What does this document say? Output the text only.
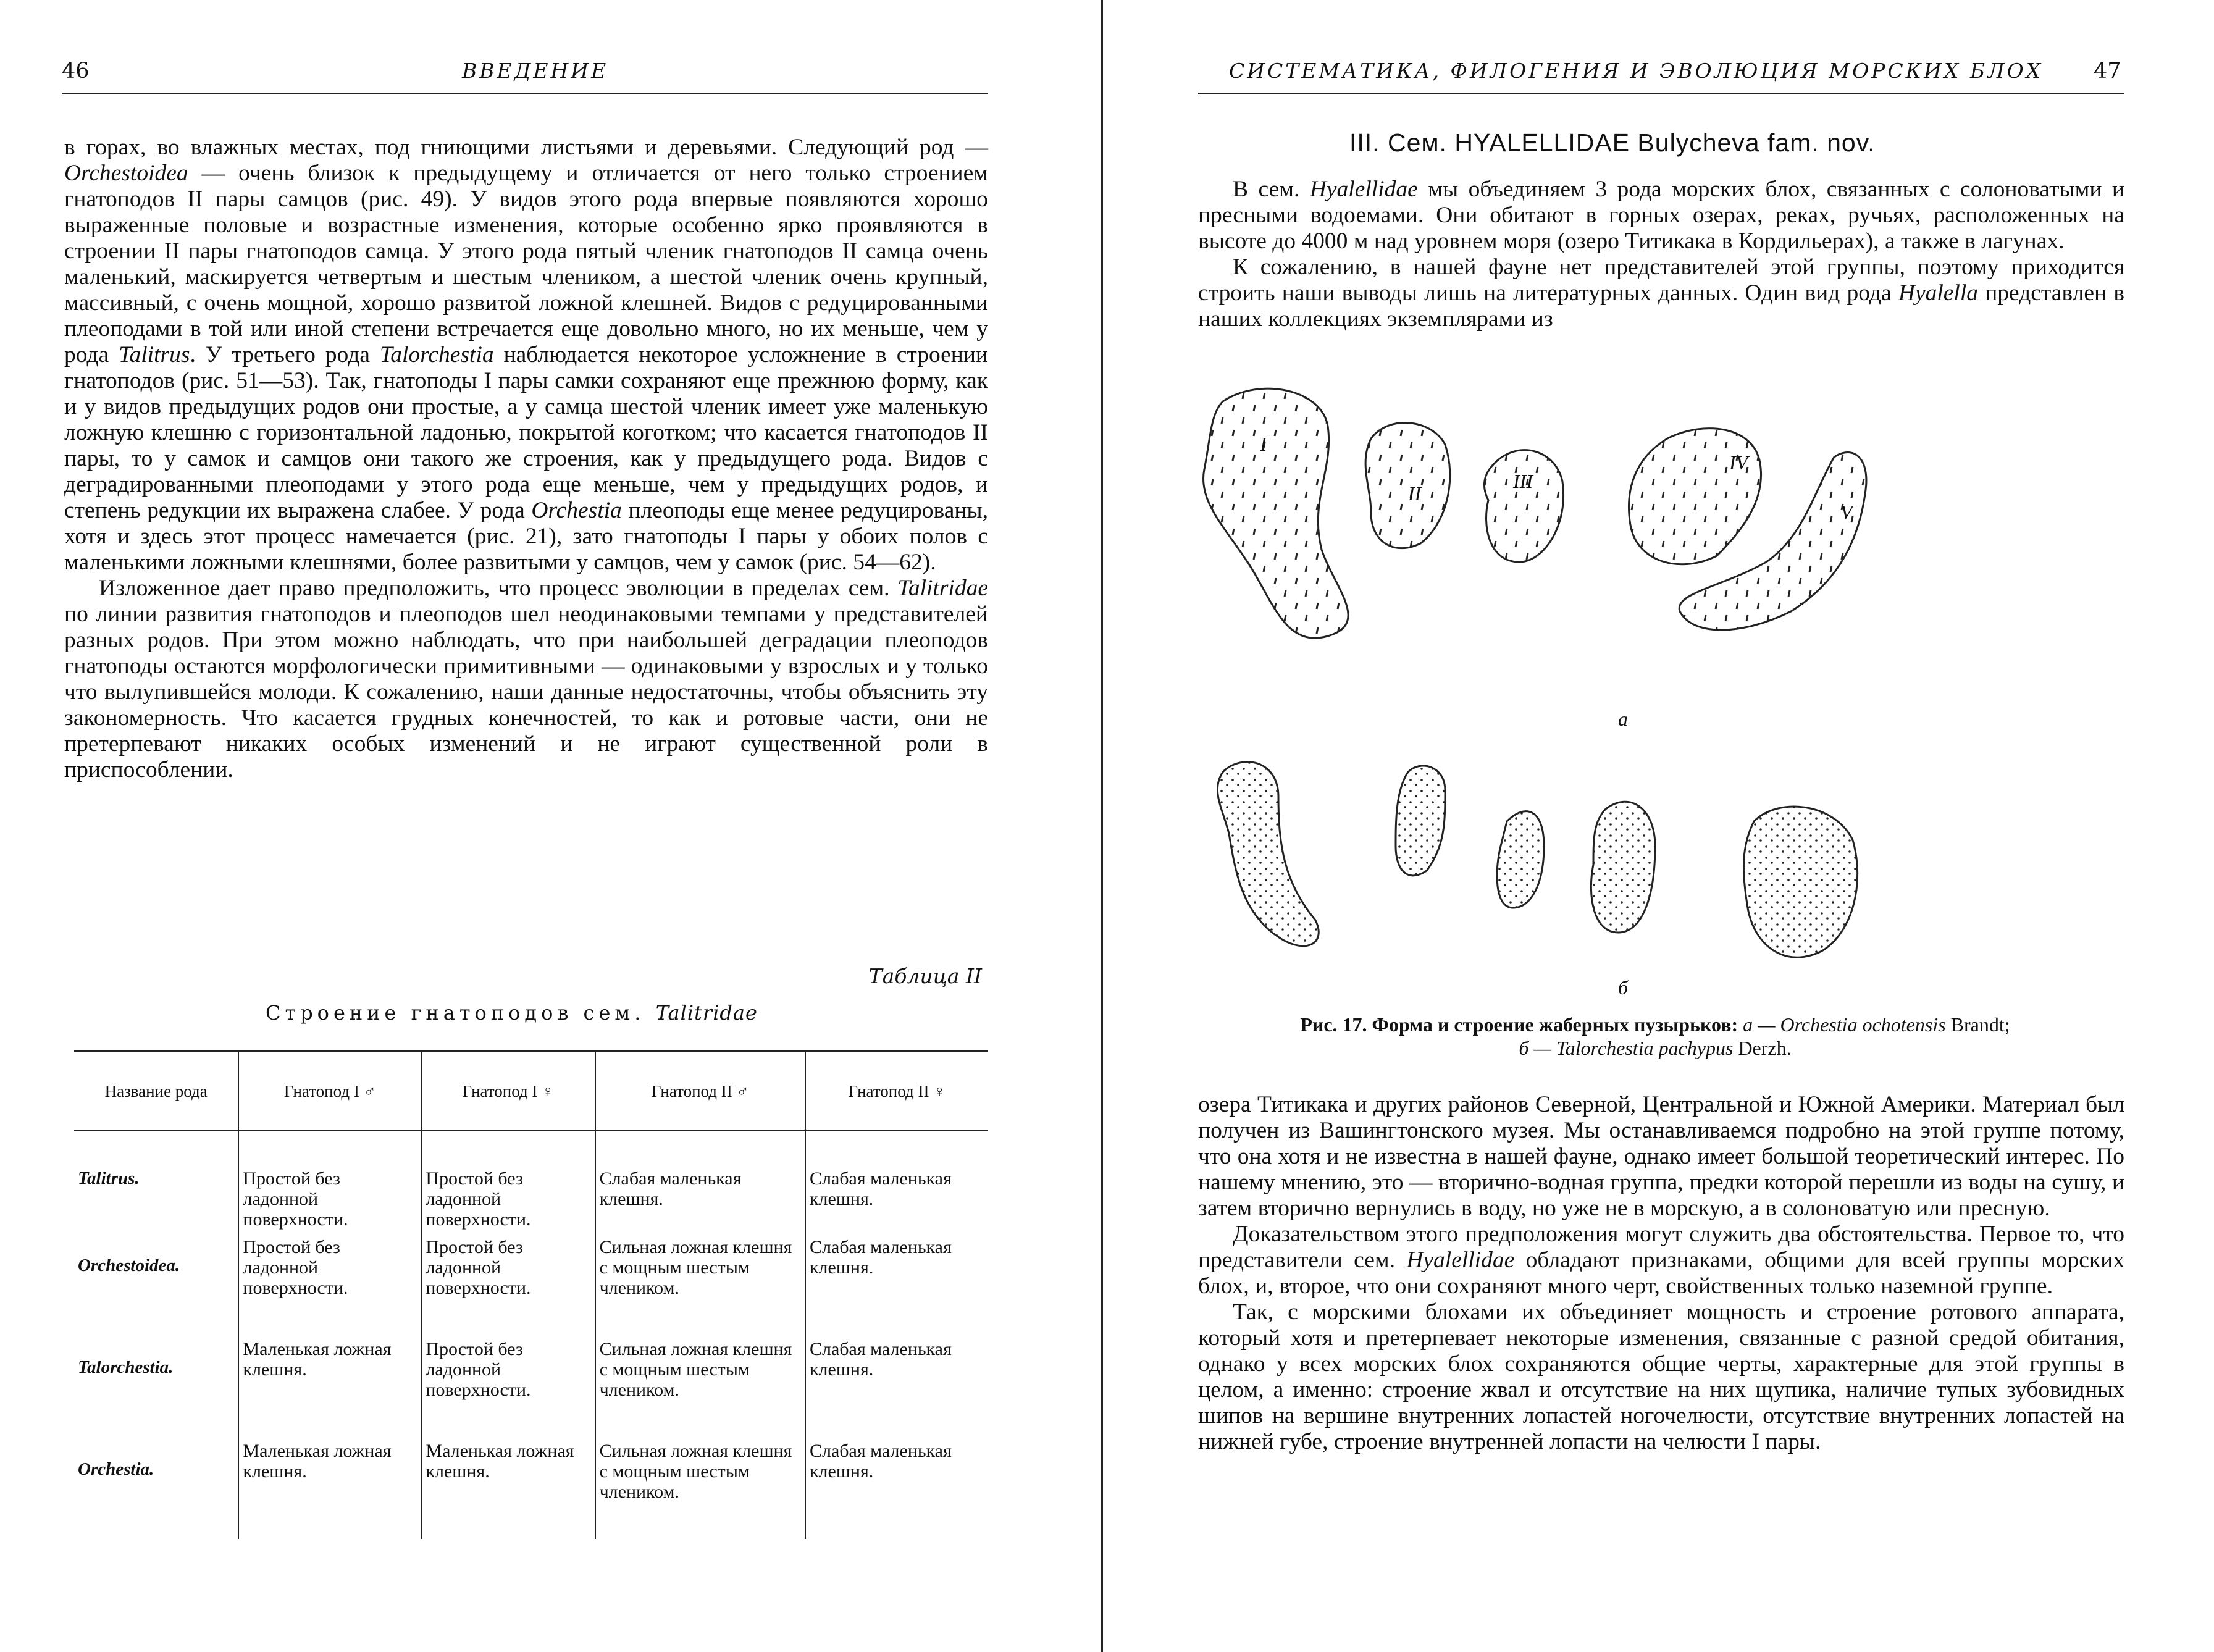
46	ВВЕДЕНИЕ

в горах, во влажных местах, под гниющими листьями и деревьями. Следующий род — Orchestoidea — очень близок к предыдущему и отличается от него только строением гнатоподов II пары самцов (рис. 49). У видов этого рода впервые появляются хорошо выраженные половые и возрастные изменения, которые особенно ярко проявляются в строении II пары гнатоподов самца. У этого рода пятый членик гнатоподов II самца очень маленький, маскируется четвертым и шестым члеником, а шестой членик очень крупный, массивный, с очень мощной, хорошо развитой ложной клешней. Видов с редуцированными плеоподами в той или иной степени встречается еще довольно много, но их меньше, чем у рода Talitrus. У третьего рода Talorchestia наблюдается некоторое усложнение в строении гнатоподов (рис. 51—53). Так, гнатоподы I пары самки сохраняют еще прежнюю форму, как и у видов предыдущих родов они простые, а у самца шестой членик имеет уже маленькую ложную клешню с горизонтальной ладонью, покрытой коготком; что касается гнатоподов II пары, то у самок и самцов они такого же строения, как у предыдущего рода. Видов с деградированными плеоподами у этого рода еще меньше, чем у предыдущих родов, и степень редукции их выражена слабее. У рода Orchestia плеоподы еще менее редуцированы, хотя и здесь этот процесс намечается (рис. 21), зато гнатоподы I пары у обоих полов с маленькими ложными клешнями, более развитыми у самцов, чем у самок (рис. 54—62).

Изложенное дает право предположить, что процесс эволюции в пределах сем. Talitridae по линии развития гнатоподов и плеоподов шел неодинаковыми темпами у представителей разных родов. При этом можно наблюдать, что при наибольшей деградации плеоподов гнатоподы остаются морфологически примитивными — одинаковыми у взрослых и у только что вылупившейся молоди. К сожалению, наши данные недостаточны, чтобы объяснить эту закономерность. Что касается грудных конечностей, то как и ротовые части, они не претерпевают никаких особых изменений и не играют существенной роли в приспособлении.

Таблица II
Строение гнатоподов сем. Talitridae
Название рода	Гнатопод I ♂	Гнатопод I ♀	Гнатопод II ♂	Гнатопод II ♀
Talitrus.	Простой без ладонной поверхности.	Простой без ладонной поверхности.	Слабая маленькая клешня.	Слабая маленькая клешня.
Orchestoidea.	Простой без ладонной поверхности.	Простой без ладонной поверхности.	Сильная ложная клешня с мощным шестым члеником.	Слабая маленькая клешня.
Talorchestia.	Маленькая ложная клешня.	Простой без ладонной поверхности.	Сильная ложная клешня с мощным шестым члеником.	Слабая маленькая клешня.
Orchestia.	Маленькая ложная клешня.	Маленькая ложная клешня.	Сильная ложная клешня с мощным шестым члеником.	Слабая маленькая клешня.
СИСТЕМАТИКА, ФИЛОГЕНИЯ И ЭВОЛЮЦИЯ МОРСКИХ БЛОХ 47
III. Сем. HYALELLIDAE Bulycheva fam. nov.

В сем. Hyalellidae мы объединяем 3 рода морских блох, связанных с солоноватыми и пресными водоемами. Они обитают в горных озерах, реках, ручьях, расположенных на высоте до 4000 м над уровнем моря (озеро Титикака в Кордильерах), а также в лагунах.

К сожалению, в нашей фауне нет представителей этой группы, поэтому приходится строить наши выводы лишь на литературных данных. Один вид рода Hyalella представлен в наших коллекциях экземплярами из

I
II
III
IV
V
а
б
Рис. 17. Форма и строение жаберных пузырьков: а — Orchestia ochotensis Brandt;
б — Talorchestia pachypus Derzh.

озера Титикака и других районов Северной, Центральной и Южной Америки. Материал был получен из Вашингтонского музея. Мы останавливаемся подробно на этой группе потому, что она хотя и не известна в нашей фауне, однако имеет большой теоретический интерес. По нашему мнению, это — вторично-водная группа, предки которой перешли из воды на сушу, и затем вторично вернулись в воду, но уже не в морскую, а в солоноватую или пресную.

Доказательством этого предположения могут служить два обстоятельства. Первое то, что представители сем. Hyalellidae обладают признаками, общими для всей группы морских блох, и, второе, что они сохраняют много черт, свойственных только наземной группе.

Так, с морскими блохами их объединяет мощность и строение ротового аппарата, который хотя и претерпевает некоторые изменения, связанные с разной средой обитания, однако у всех морских блох сохраняются общие черты, характерные для этой группы в целом, а именно: строение жвал и отсутствие на них щупика, наличие тупых зубовидных шипов на вершине внутренних лопастей ногочелюсти, отсутствие внутренних лопастей на нижней губе, строение внутренней лопасти на челюсти I пары.
